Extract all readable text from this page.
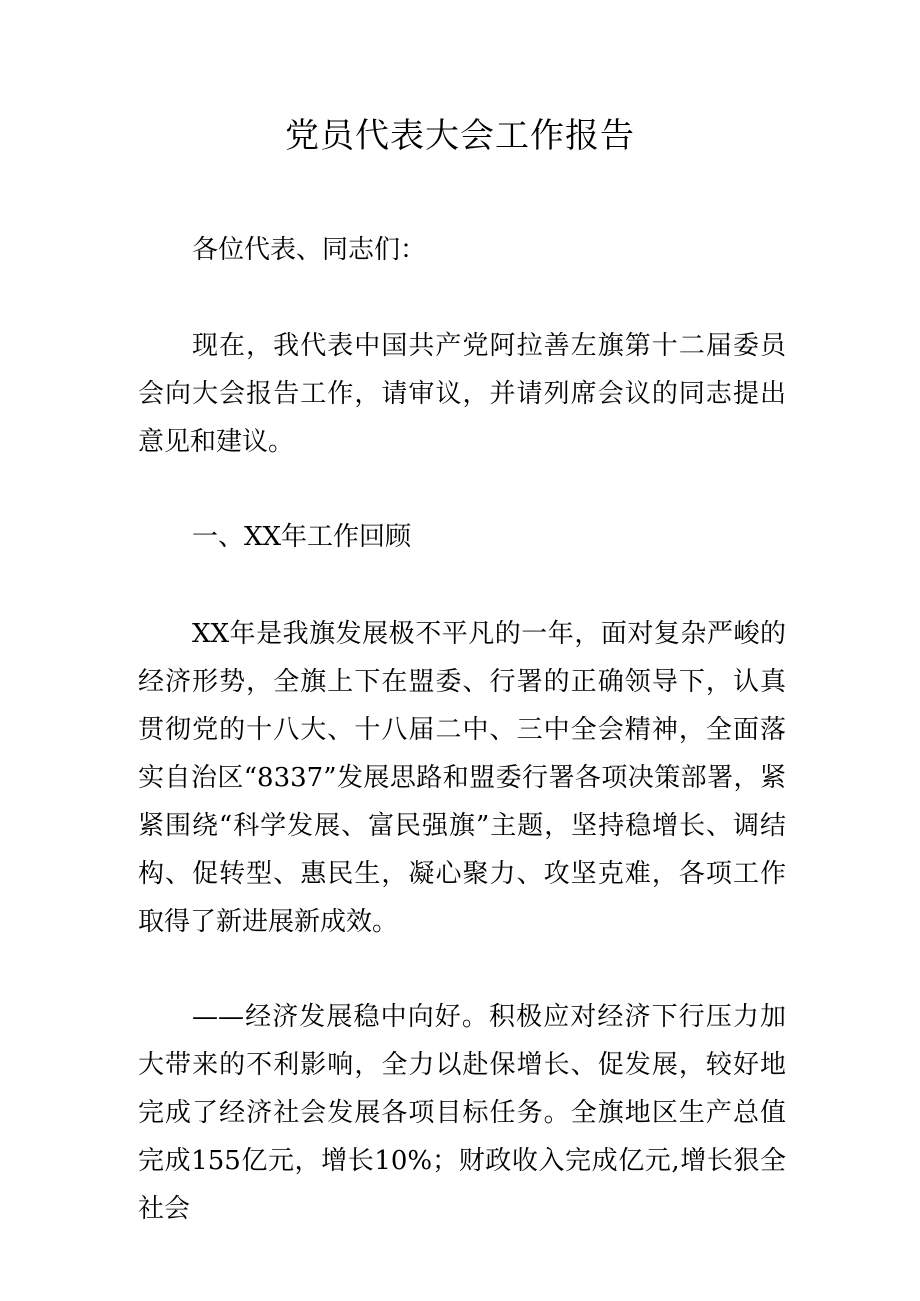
党员代表大会工作报告

各位代表、同志们：

现在，我代表中国共产党阿拉善左旗第十二届委员会向大会报告工作，请审议，并请列席会议的同志提出意见和建议。

一、XX年工作回顾

XX年是我旗发展极不平凡的一年，面对复杂严峻的经济形势，全旗上下在盟委、行署的正确领导下，认真贯彻党的十八大、十八届二中、三中全会精神，全面落实自治区“8337”发展思路和盟委行署各项决策部署，紧紧围绕“科学发展、富民强旗”主题，坚持稳增长、调结构、促转型、惠民生，凝心聚力、攻坚克难，各项工作取得了新进展新成效。

——经济发展稳中向好。积极应对经济下行压力加大带来的不利影响，全力以赴保增长、促发展，较好地完成了经济社会发展各项目标任务。全旗地区生产总值完成155亿元，增长10%；财政收入完成亿元,增长狠全社会
